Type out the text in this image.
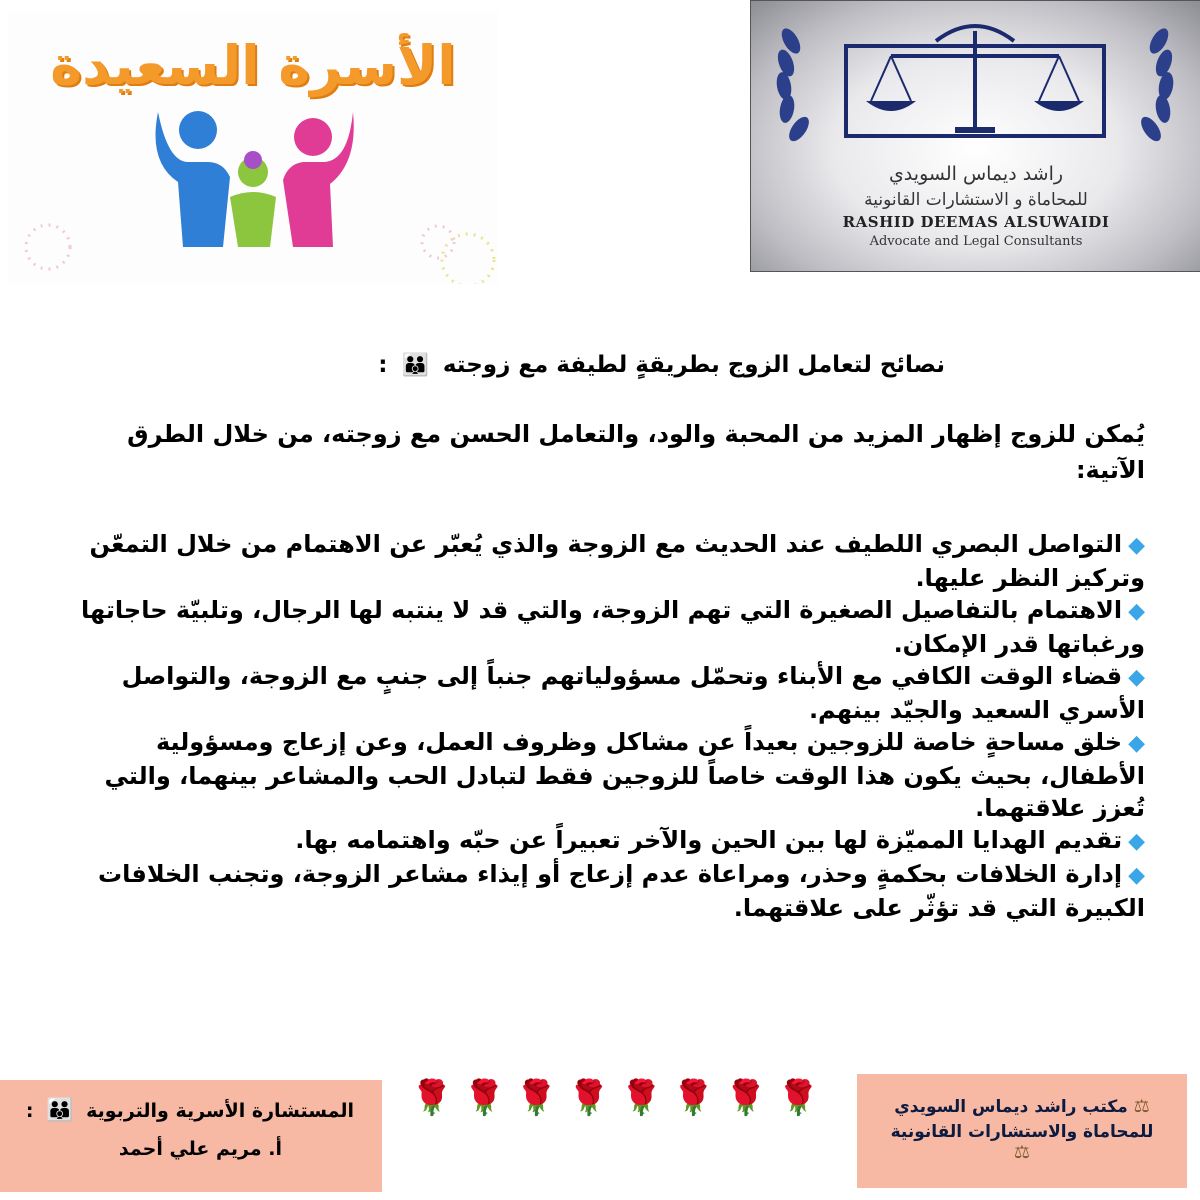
الأسرة السعيدة
راشد ديماس السويدي
للمحاماة و الاستشارات القانونية
RASHID DEEMAS ALSUWAIDI
Advocate and Legal Consultants

نصائح لتعامل الزوج بطريقةٍ لطيفة مع زوجته 👪 :

يُمكن للزوج إظهار المزيد من المحبة والود، والتعامل الحسن مع زوجته، من خلال الطرق الآتية:

◆التواصل البصري اللطيف عند الحديث مع الزوجة والذي يُعبّر عن الاهتمام من خلال التمعّن وتركيز النظر عليها.

◆الاهتمام بالتفاصيل الصغيرة التي تهم الزوجة، والتي قد لا ينتبه لها الرجال، وتلبيّة حاجاتها ورغباتها قدر الإمكان.

◆قضاء الوقت الكافي مع الأبناء وتحمّل مسؤولياتهم جنباً إلى جنبٍ مع الزوجة، والتواصل الأسري السعيد والجيّد بينهم.

◆خلق مساحةٍ خاصة للزوجين بعيداً عن مشاكل وظروف العمل، وعن إزعاج ومسؤولية الأطفال، بحيث يكون هذا الوقت خاصاً للزوجين فقط لتبادل الحب والمشاعر بينهما، والتي تُعزز علاقتهما.

◆تقديم الهدايا المميّزة لها بين الحين والآخر تعبيراً عن حبّه واهتمامه بها.

◆إدارة الخلافات بحكمةٍ وحذر، ومراعاة عدم إزعاج أو إيذاء مشاعر الزوجة، وتجنب الخلافات الكبيرة التي قد تؤثّر على علاقتهما.

المستشارة الأسرية والتربوية 👪 :
أ. مريم علي أحمد
🌹 🌹 🌹 🌹 🌹 🌹 🌹 🌹	⚖ مكتب راشد ديماس السويدي
للمحاماة والاستشارات القانونية
⚖
